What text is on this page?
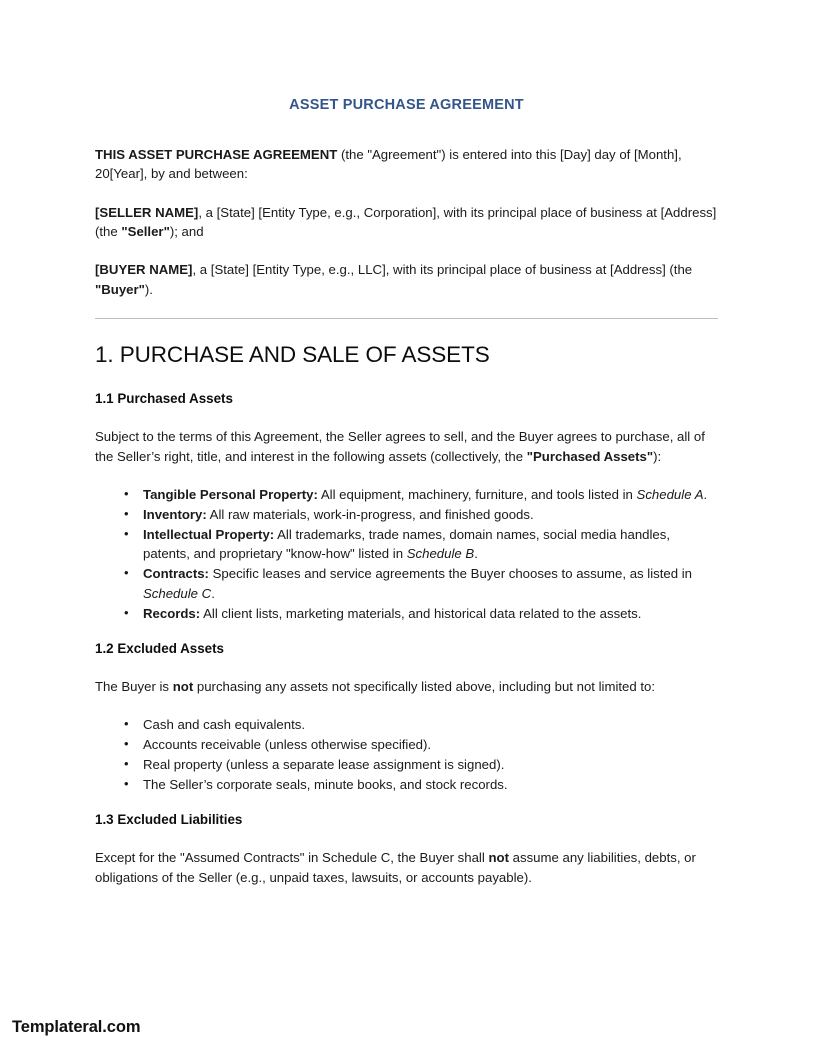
ASSET PURCHASE AGREEMENT

THIS ASSET PURCHASE AGREEMENT (the "Agreement") is entered into this [Day] day of [Month], 20[Year], by and between:

[SELLER NAME], a [State] [Entity Type, e.g., Corporation], with its principal place of business at [Address] (the "Seller"); and

[BUYER NAME], a [State] [Entity Type, e.g., LLC], with its principal place of business at [Address] (the "Buyer").

1. PURCHASE AND SALE OF ASSETS
1.1 Purchased Assets

Subject to the terms of this Agreement, the Seller agrees to sell, and the Buyer agrees to purchase, all of the Seller’s right, title, and interest in the following assets (collectively, the "Purchased Assets"):

• Tangible Personal Property: All equipment, machinery, furniture, and tools listed in Schedule A.
• Inventory: All raw materials, work-in-progress, and finished goods.
• Intellectual Property: All trademarks, trade names, domain names, social media handles, patents, and proprietary "know-how" listed in Schedule B.
• Contracts: Specific leases and service agreements the Buyer chooses to assume, as listed in Schedule C.
• Records: All client lists, marketing materials, and historical data related to the assets.
1.2 Excluded Assets

The Buyer is not purchasing any assets not specifically listed above, including but not limited to:

• Cash and cash equivalents.
• Accounts receivable (unless otherwise specified).
• Real property (unless a separate lease assignment is signed).
• The Seller’s corporate seals, minute books, and stock records.
1.3 Excluded Liabilities

Except for the "Assumed Contracts" in Schedule C, the Buyer shall not assume any liabilities, debts, or obligations of the Seller (e.g., unpaid taxes, lawsuits, or accounts payable).

Templateral.com
